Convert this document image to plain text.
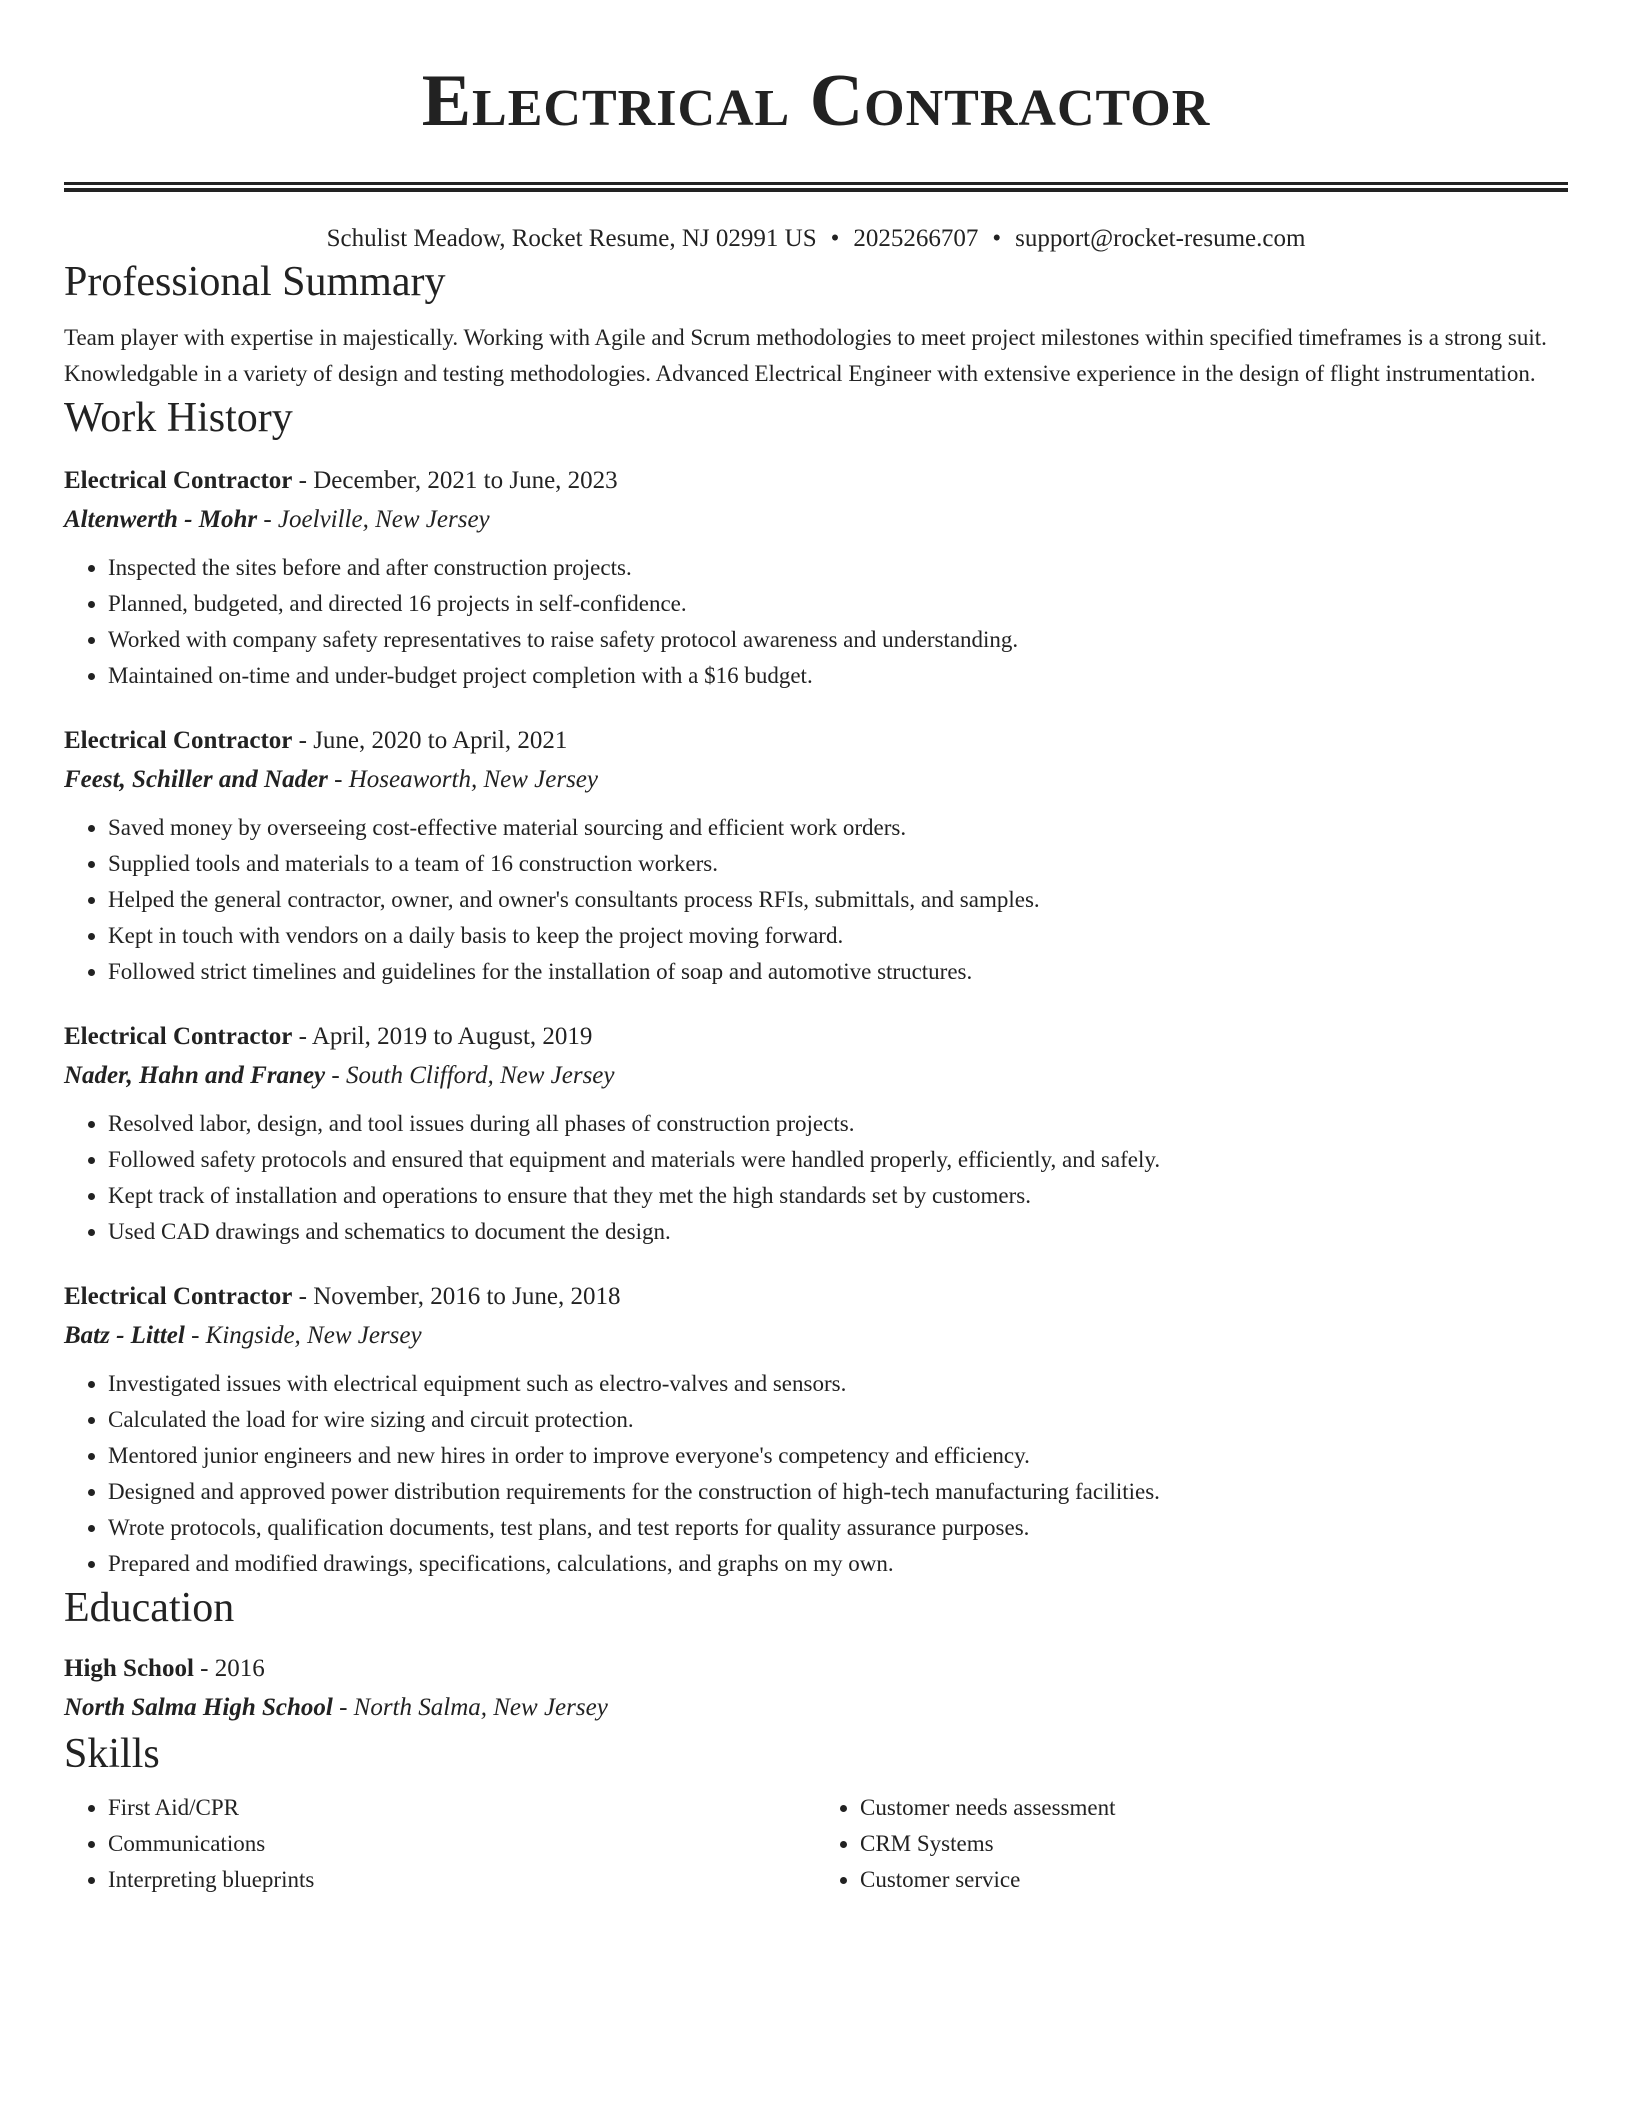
Electrical Contractor
Schulist Meadow, Rocket Resume, NJ 02991 US • 2025266707 • support@rocket-resume.com
Professional Summary

Team player with expertise in majestically. Working with Agile and Scrum methodologies to meet project milestones within specified timeframes is a strong suit. Knowledgable in a variety of design and testing methodologies. Advanced Electrical Engineer with extensive experience in the design of flight instrumentation.

Work History
Electrical Contractor - December, 2021 to June, 2023
Altenwerth - Mohr - Joelville, New Jersey
• Inspected the sites before and after construction projects.
• Planned, budgeted, and directed 16 projects in self-confidence.
• Worked with company safety representatives to raise safety protocol awareness and understanding.
• Maintained on-time and under-budget project completion with a $16 budget.
Electrical Contractor - June, 2020 to April, 2021
Feest, Schiller and Nader - Hoseaworth, New Jersey
• Saved money by overseeing cost-effective material sourcing and efficient work orders.
• Supplied tools and materials to a team of 16 construction workers.
• Helped the general contractor, owner, and owner's consultants process RFIs, submittals, and samples.
• Kept in touch with vendors on a daily basis to keep the project moving forward.
• Followed strict timelines and guidelines for the installation of soap and automotive structures.
Electrical Contractor - April, 2019 to August, 2019
Nader, Hahn and Franey - South Clifford, New Jersey
• Resolved labor, design, and tool issues during all phases of construction projects.
• Followed safety protocols and ensured that equipment and materials were handled properly, efficiently, and safely.
• Kept track of installation and operations to ensure that they met the high standards set by customers.
• Used CAD drawings and schematics to document the design.
Electrical Contractor - November, 2016 to June, 2018
Batz - Littel - Kingside, New Jersey
• Investigated issues with electrical equipment such as electro-valves and sensors.
• Calculated the load for wire sizing and circuit protection.
• Mentored junior engineers and new hires in order to improve everyone's competency and efficiency.
• Designed and approved power distribution requirements for the construction of high-tech manufacturing facilities.
• Wrote protocols, qualification documents, test plans, and test reports for quality assurance purposes.
• Prepared and modified drawings, specifications, calculations, and graphs on my own.
Education
High School - 2016
North Salma High School - North Salma, New Jersey
Skills
• First Aid/CPR
• Communications
• Interpreting blueprints
• Customer needs assessment
• CRM Systems
• Customer service
